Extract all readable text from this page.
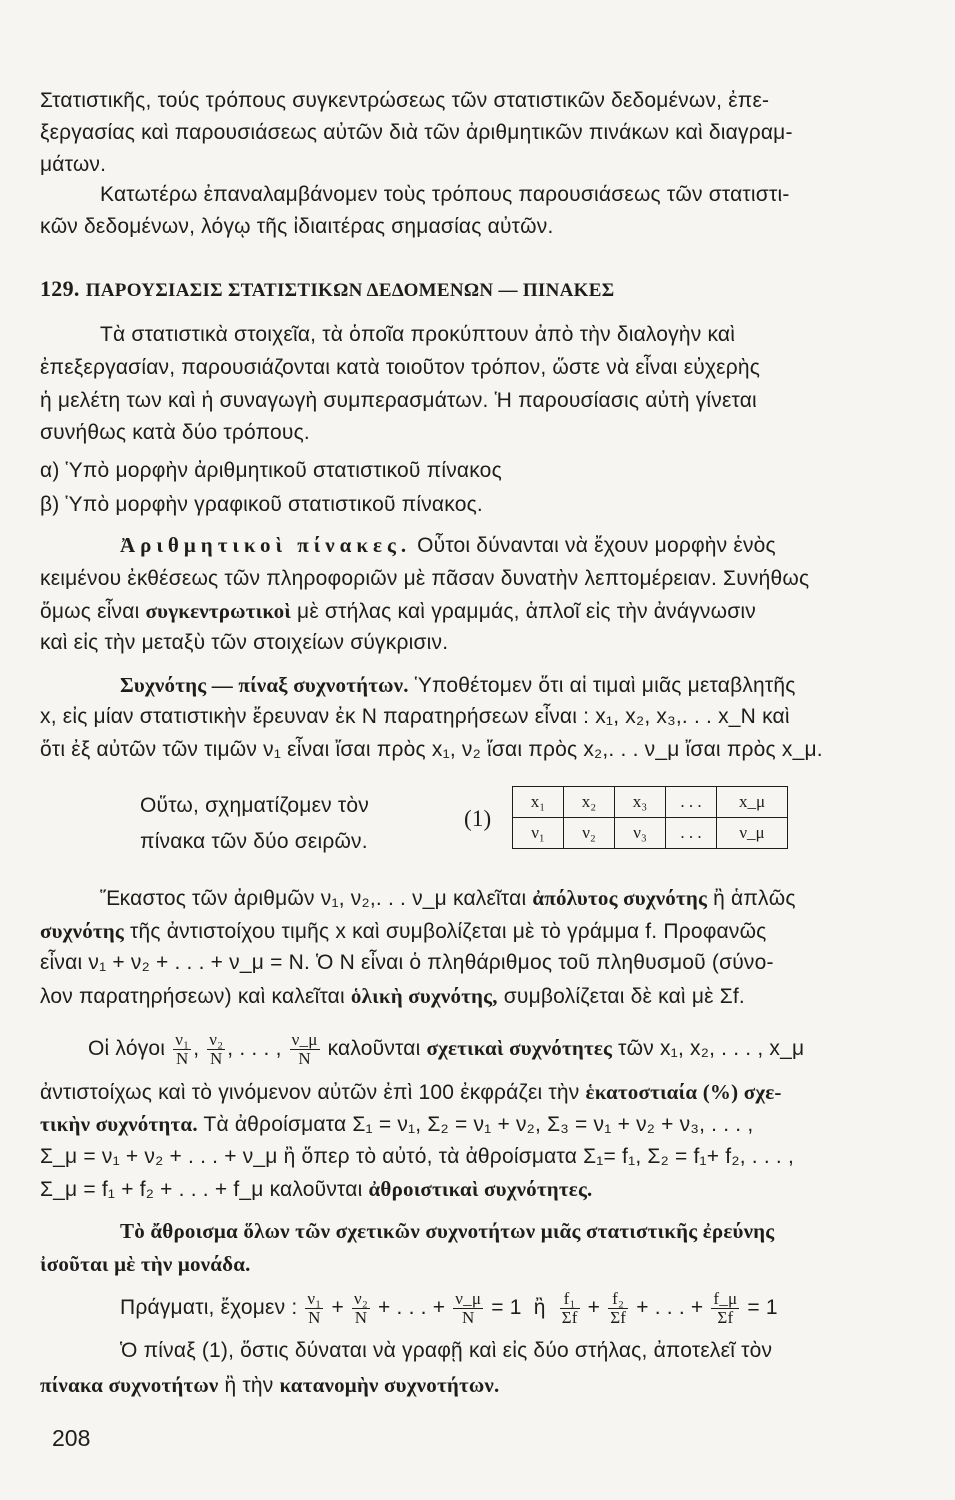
Στατιστικῆς, τούς τρόπους συγκεντρώσεως τῶν στατιστικῶν δεδομένων, ἐπε-
ξεργασίας καὶ παρουσιάσεως αὐτῶν διὰ τῶν ἀριθμητικῶν πινάκων καὶ διαγραμ-
μάτων.
Κατωτέρω ἐπαναλαμβάνομεν τοὺς τρόπους παρουσιάσεως τῶν στατιστι-
κῶν δεδομένων, λόγῳ τῆς ἰδιαιτέρας σημασίας αὐτῶν.
129. ΠΑΡΟΥΣΙΑΣΙΣ ΣΤΑΤΙΣΤΙΚΩΝ ΔΕΔΟΜΕΝΩΝ — ΠΙΝΑΚΕΣ
Τὰ στατιστικὰ στοιχεῖα, τὰ ὁποῖα προκύπτουν ἀπὸ τὴν διαλογὴν καὶ
ἐπεξεργασίαν, παρουσιάζονται κατὰ τοιοῦτον τρόπον, ὥστε νὰ εἶναι εὐχερὴς
ἡ μελέτη των καὶ ἡ συναγωγὴ συμπερασμάτων. Ἡ παρουσίασις αὐτὴ γίνεται
συνήθως κατὰ δύο τρόπους.
α) Ὑπὸ μορφὴν ἀριθμητικοῦ στατιστικοῦ πίνακος
β) Ὑπὸ μορφὴν γραφικοῦ στατιστικοῦ πίνακος.
Ἀριθμητικοὶ πίνακες. Οὗτοι δύνανται νὰ ἔχουν μορφὴν ἑνὸς
κειμένου ἐκθέσεως τῶν πληροφοριῶν μὲ πᾶσαν δυνατὴν λεπτομέρειαν. Συνήθως
ὅμως εἶναι συγκεντρωτικοὶ μὲ στήλας καὶ γραμμάς, ἁπλοῖ εἰς τὴν ἀνάγνωσιν
καὶ εἰς τὴν μεταξὺ τῶν στοιχείων σύγκρισιν.
Συχνότης — πίναξ συχνοτήτων. Ὑποθέτομεν ὅτι αἱ τιμαὶ μιᾶς μεταβλητῆς
x, εἰς μίαν στατιστικὴν ἔρευναν ἐκ N παρατηρήσεων εἶναι : x₁, x₂, x₃,. . . x_N καὶ
ὅτι ἐξ αὐτῶν τῶν τιμῶν ν₁ εἶναι ἴσαι πρὸς x₁, ν₂ ἴσαι πρὸς x₂,. . . ν_μ ἴσαι πρὸς x_μ.
Οὕτω, σχηματίζομεν τὸν
πίνακα τῶν δύο σειρῶν.
(1)
x₁	x₂	x₃	. . .	x_μ
ν₁	ν₂	ν₃	. . .	ν_μ
Ἕκαστος τῶν ἀριθμῶν ν₁, ν₂,. . . ν_μ καλεῖται ἀπόλυτος συχνότης ἢ ἁπλῶς
συχνότης τῆς ἀντιστοίχου τιμῆς x καὶ συμβολίζεται μὲ τὸ γράμμα f. Προφανῶς
εἶναι ν₁ + ν₂ + . . . + ν_μ = N. Ὁ N εἶναι ὁ πληθάριθμος τοῦ πληθυσμοῦ (σύνο-
λον παρατηρήσεων) καὶ καλεῖται ὁλικὴ συχνότης, συμβολίζεται δὲ καὶ μὲ Σf.
Οἱ λόγοι $\frac{\text{ν₁}}{N}$ , $\frac{\text{ν₂}}{N}$ , . . . , $\frac{\nu\_\mu}{N}$ καλοῦνται σχετικαὶ συχνότητες τῶν x₁, x₂, . . . , x_μ
ἀντιστοίχως καὶ τὸ γινόμενον αὐτῶν ἐπὶ 100 ἐκφράζει τὴν ἑκατοστιαία (%) σχε-
τικὴν συχνότητα. Τὰ ἀθροίσματα Σ₁ = ν₁, Σ₂ = ν₁ + ν₂, Σ₃ = ν₁ + ν₂ + ν₃, . . . ,
Σ_μ = ν₁ + ν₂ + . . . + ν_μ ἢ ὅπερ τὸ αὐτό, τὰ ἀθροίσματα Σ₁= f₁, Σ₂ = f₁+ f₂, . . . ,
Σ_μ = f₁ + f₂ + . . . + f_μ καλοῦνται ἀθροιστικαὶ συχνότητες.
Τὸ ἄθροισμα ὅλων τῶν σχετικῶν συχνοτήτων μιᾶς στατιστικῆς ἐρεύνης
ἰσοῦται μὲ τὴν μονάδα.
Πράγματι, ἔχομεν : $\frac{\text{ν₁}}{N} + \frac{\text{ν₂}}{N}$ + . . . + $\frac{\nu\_\mu}{N} = 1$ ἢ $\frac{\text{f₁}}{\Sigma f} + \frac{\text{f₂}}{\Sigma f}$ + . . . + $\frac{f\_\mu}{\Sigma f} = 1$
Ὁ πίναξ (1), ὅστις δύναται νὰ γραφῇ καὶ εἰς δύο στήλας, ἀποτελεῖ τὸν
πίνακα συχνοτήτων ἢ τὴν κατανομὴν συχνοτήτων.
208
